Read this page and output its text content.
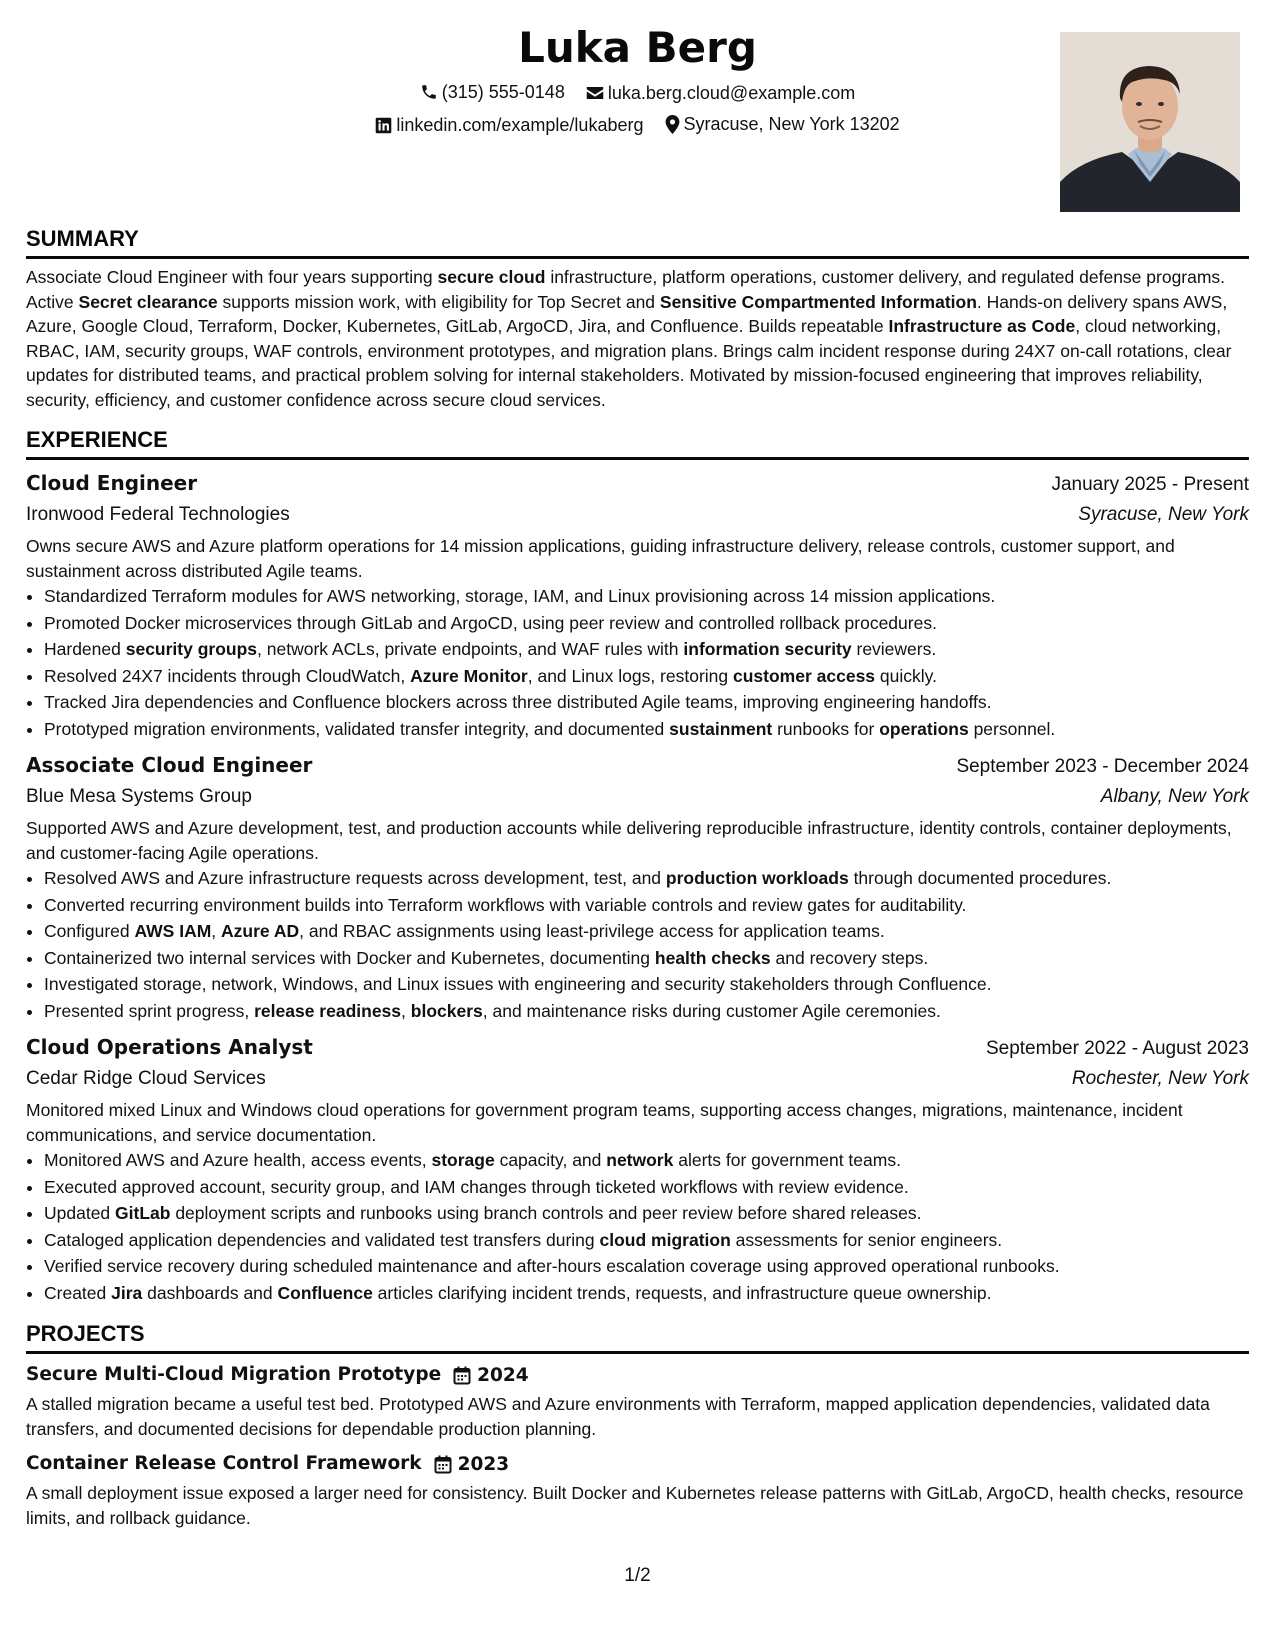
Luka Berg
(315) 555-0148
luka.berg.cloud@example.com
linkedin.com/example/lukaberg
Syracuse, New York 13202
SUMMARY

Associate Cloud Engineer with four years supporting secure cloud infrastructure, platform operations, customer delivery, and regulated defense programs. Active Secret clearance supports mission work, with eligibility for Top Secret and Sensitive Compartmented Information. Hands-on delivery spans AWS, Azure, Google Cloud, Terraform, Docker, Kubernetes, GitLab, ArgoCD, Jira, and Confluence. Builds repeatable Infrastructure as Code, cloud networking, RBAC, IAM, security groups, WAF controls, environment prototypes, and migration plans. Brings calm incident response during 24X7 on-call rotations, clear updates for distributed teams, and practical problem solving for internal stakeholders. Motivated by mission-focused engineering that improves reliability, security, efficiency, and customer confidence across secure cloud services.

EXPERIENCE
Cloud Engineer	January 2025 - Present
Ironwood Federal Technologies	Syracuse, New York

Owns secure AWS and Azure platform operations for 14 mission applications, guiding infrastructure delivery, release controls, customer support, and sustainment across distributed Agile teams.

• Standardized Terraform modules for AWS networking, storage, IAM, and Linux provisioning across 14 mission applications.
• Promoted Docker microservices through GitLab and ArgoCD, using peer review and controlled rollback procedures.
• Hardened security groups, network ACLs, private endpoints, and WAF rules with information security reviewers.
• Resolved 24X7 incidents through CloudWatch, Azure Monitor, and Linux logs, restoring customer access quickly.
• Tracked Jira dependencies and Confluence blockers across three distributed Agile teams, improving engineering handoffs.
• Prototyped migration environments, validated transfer integrity, and documented sustainment runbooks for operations personnel.
Associate Cloud Engineer	September 2023 - December 2024
Blue Mesa Systems Group	Albany, New York

Supported AWS and Azure development, test, and production accounts while delivering reproducible infrastructure, identity controls, container deployments, and customer-facing Agile operations.

• Resolved AWS and Azure infrastructure requests across development, test, and production workloads through documented procedures.
• Converted recurring environment builds into Terraform workflows with variable controls and review gates for auditability.
• Configured AWS IAM, Azure AD, and RBAC assignments using least-privilege access for application teams.
• Containerized two internal services with Docker and Kubernetes, documenting health checks and recovery steps.
• Investigated storage, network, Windows, and Linux issues with engineering and security stakeholders through Confluence.
• Presented sprint progress, release readiness, blockers, and maintenance risks during customer Agile ceremonies.
Cloud Operations Analyst	September 2022 - August 2023
Cedar Ridge Cloud Services	Rochester, New York

Monitored mixed Linux and Windows cloud operations for government program teams, supporting access changes, migrations, maintenance, incident communications, and service documentation.

• Monitored AWS and Azure health, access events, storage capacity, and network alerts for government teams.
• Executed approved account, security group, and IAM changes through ticketed workflows with review evidence.
• Updated GitLab deployment scripts and runbooks using branch controls and peer review before shared releases.
• Cataloged application dependencies and validated test transfers during cloud migration assessments for senior engineers.
• Verified service recovery during scheduled maintenance and after-hours escalation coverage using approved operational runbooks.
• Created Jira dashboards and Confluence articles clarifying incident trends, requests, and infrastructure queue ownership.
PROJECTS
Secure Multi-Cloud Migration Prototype 2024

A stalled migration became a useful test bed. Prototyped AWS and Azure environments with Terraform, mapped application dependencies, validated data transfers, and documented decisions for dependable production planning.

Container Release Control Framework 2023

A small deployment issue exposed a larger need for consistency. Built Docker and Kubernetes release patterns with GitLab, ArgoCD, health checks, resource limits, and rollback guidance.

1/2
